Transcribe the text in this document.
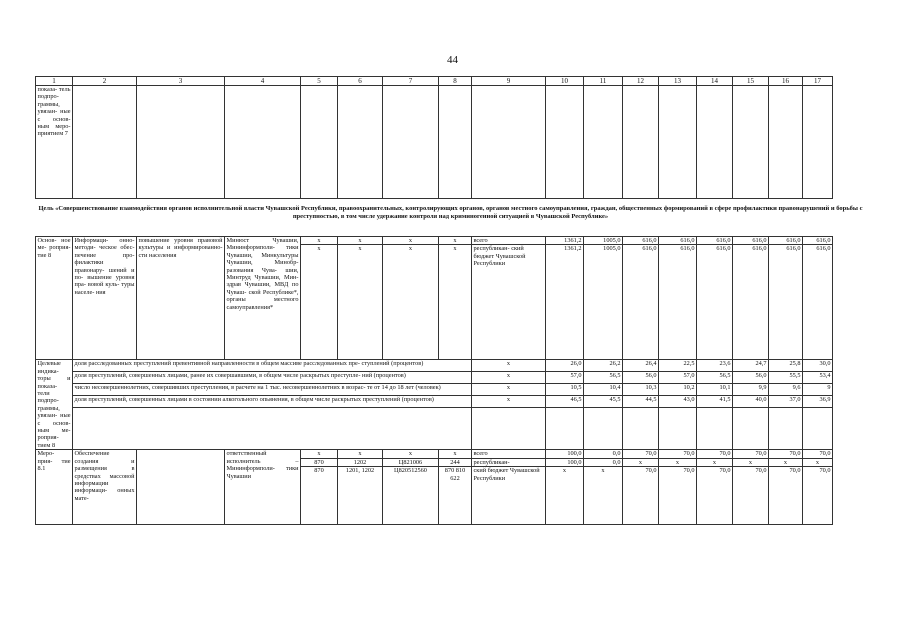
44
1	2	3	4	5	6	7	8	9	10	11	12	13	14	15	16	17
показа- тель подпро- граммы, увязан- ные с основ- ным меро- приятием 7																
Цель «Совершенствование взаимодействия органов исполнительной власти Чувашской Республики, правоохранительных, контролирующих органов, органов местного самоуправления, граждан, общественных формирований в сфере профилактики правонарушений и борьбы с преступностью, в том числе удержание контроля над криминогенной ситуацией в Чувашской Республике»
Основ- ное ме- роприя- тие 8	Информаци- онно-методи- ческое обес- печение про- филактики правонару- шений и по- вышение уровня пра- вовой куль- туры населе- ния	повышение уровня правовой культуры и информированно- сти населения	Минюст Чувашии, Мининформполи- тики Чувашии, Минкультуры Чувашии, Минобр- разования Чува- шии, Минтруд Чувашии, Мин- здрав Чувашии, МВД по Чуваш- ской Республике*, органы местного самоуправления*	х	х	х	х	всего	1361,2	1005,0	616,0	616,0	616,0	616,0	616,0	616,0
				х	х	х	х	республикан- ский бюджет Чувашской Республики	1361,2	1005,0	616,0	616,0	616,0	616,0	616,0	616,0
Целевые индика- торы и показа- тели подпро- граммы, увязан- ные с основ- ным ме- роприя- тием 8	доля расследованных преступлений превентивной направленности в общем массиве расследованных пре- ступлений (процентов)							х	26,0	26,2	26,4	22,5	23,6	24,7	25,8	30,0
	доля преступлений, совершенных лицами, ранее их совершавшими, в общем числе раскрытых преступле- ний (процентов)							х	57,0	56,5	56,0	57,0	56,5	56,0	55,5	53,4
	число несовершеннолетних, совершивших преступления, в расчете на 1 тыс. несовершеннолетних в возрас- те от 14 до 18 лет (человек)							х	10,5	10,4	10,3	10,2	10,1	9,9	9,6	9
	доля преступлений, совершенных лицами в состоянии алкогольного опьянения, в общем числе раскрытых преступлений (процентов)							х	46,5	45,5	44,5	43,0	41,5	40,0	37,0	36,9

Меро- прия- тие 8.1	Обеспечение создания и размещения в средствах массовой информации информаци- онных мате-		ответственный исполнитель – Мининформполи- тики Чувашии	х	х	х	х	всего	100,0	0,0	70,0	70,0	70,0	70,0	70,0	70,0
				870	1202	Ц821006	244	республикан-	100,0	0,0	х	х	х	х	х	х
				870	1201, 1202	Ц820512560	870 810 622	ский бюджет Чувашской Республики	х	х	70,0	70,0	70,0	70,0	70,0	70,0
